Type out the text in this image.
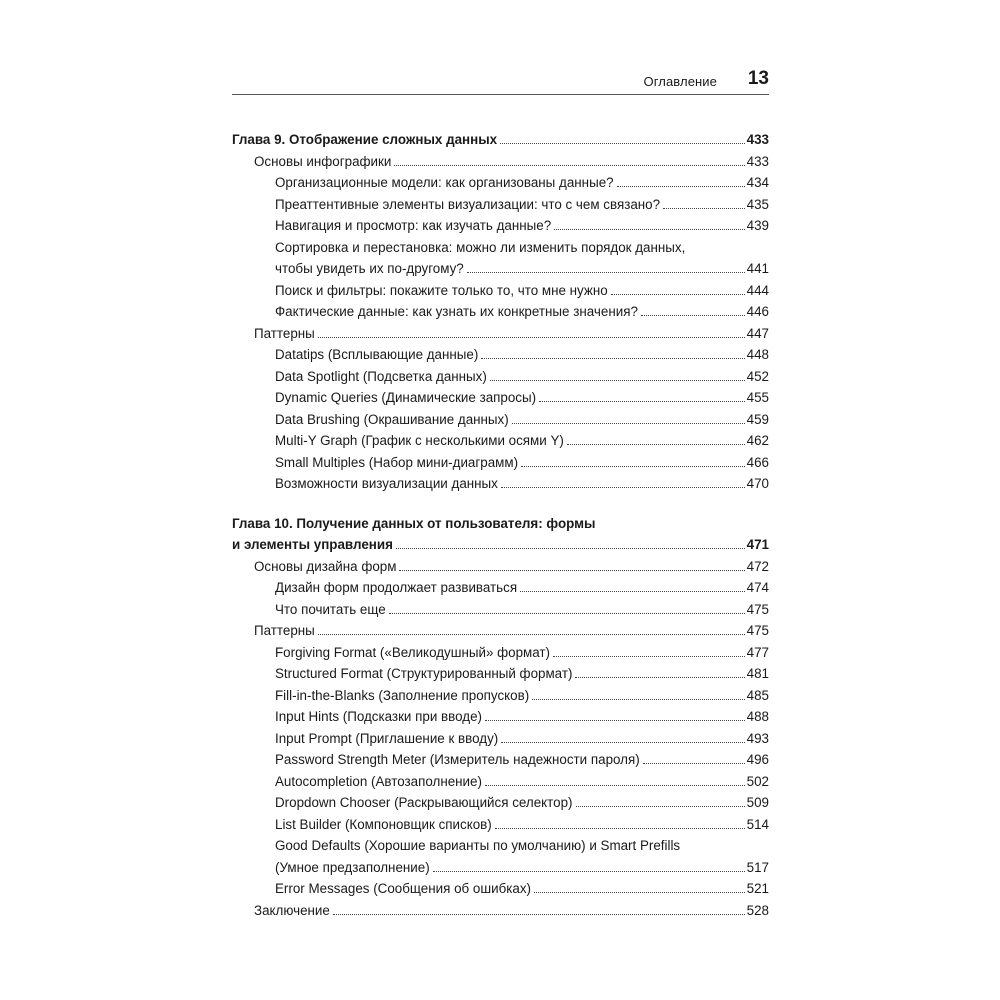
Оглавление 13
Глава 9. Отображение сложных данных	433
Основы инфографики	433
Организационные модели: как организованы данные?	434
Преаттентивные элементы визуализации: что с чем связано?	435
Навигация и просмотр: как изучать данные?	439
Сортировка и перестановка: можно ли изменить порядок данных,
чтобы увидеть их по-другому?	441
Поиск и фильтры: покажите только то, что мне нужно	444
Фактические данные: как узнать их конкретные значения?	446
Паттерны	447
Datatips (Всплывающие данные)	448
Data Spotlight (Подсветка данных)	452
Dynamic Queries (Динамические запросы)	455
Data Brushing (Окрашивание данных)	459
Multi-Y Graph (График с несколькими осями Y)	462
Small Multiples (Набор мини-диаграмм)	466
Возможности визуализации данных	470
Глава 10. Получение данных от пользователя: формы
и элементы управления	471
Основы дизайна форм	472
Дизайн форм продолжает развиваться	474
Что почитать еще	475
Паттерны	475
Forgiving Format («Великодушный» формат)	477
Structured Format (Структурированный формат)	481
Fill-in-the-Blanks (Заполнение пропусков)	485
Input Hints (Подсказки при вводе)	488
Input Prompt (Приглашение к вводу)	493
Password Strength Meter (Измеритель надежности пароля)	496
Autocompletion (Автозаполнение)	502
Dropdown Chooser (Раскрывающийся селектор)	509
List Builder (Компоновщик списков)	514
Good Defaults (Хорошие варианты по умолчанию) и Smart Prefills
(Умное предзаполнение)	517
Error Messages (Сообщения об ошибках)	521
Заключение	528
